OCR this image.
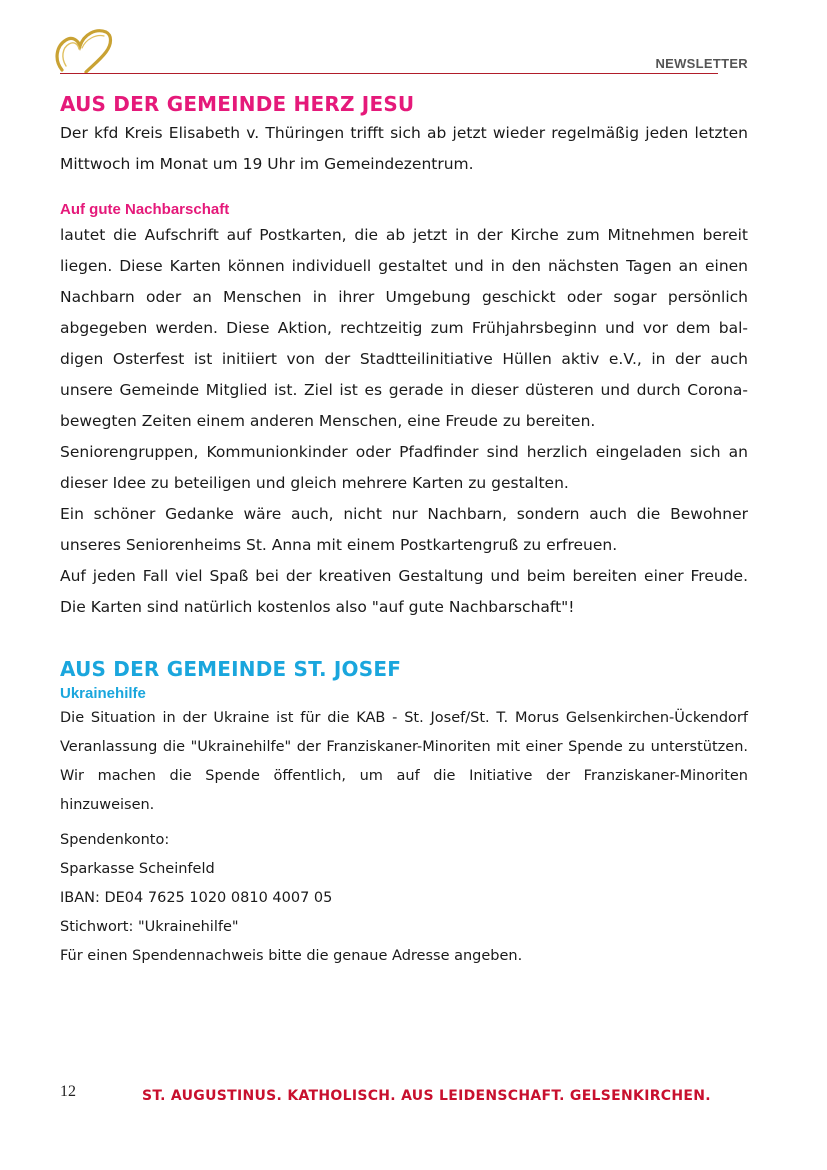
NEWSLETTER
AUS DER GEMEINDE HERZ JESU

Der kfd Kreis Elisabeth v. Thüringen trifft sich ab jetzt wieder regelmäßig jeden letzten Mittwoch im Monat um 19 Uhr im Gemeindezentrum.

Auf gute Nachbarschaft

lautet die Aufschrift auf Postkarten, die ab jetzt in der Kirche zum Mitnehmen bereit liegen. Diese Karten können individuell gestaltet und in den nächsten Tagen an einen Nachbarn oder an Menschen in ihrer Umgebung geschickt oder sogar persönlich abgegeben werden. Diese Aktion, rechtzeitig zum Frühjahrsbeginn und vor dem baldigen Osterfest ist initiiert von der Stadtteilinitiative Hüllen aktiv e.V., in der auch unsere Gemeinde Mitglied ist. Ziel ist es gerade in dieser düsteren und durch Corona-bewegten Zeiten einem anderen Menschen, eine Freude zu bereiten.

Seniorengruppen, Kommunionkinder oder Pfadfinder sind herzlich eingeladen sich an dieser Idee zu beteiligen und gleich mehrere Karten zu gestalten.

Ein schöner Gedanke wäre auch, nicht nur Nachbarn, sondern auch die Bewohner unseres Seniorenheims St. Anna mit einem Postkartengruß zu erfreuen.

Auf jeden Fall viel Spaß bei der kreativen Gestaltung und beim bereiten einer Freude. Die Karten sind natürlich kostenlos also "auf gute Nachbarschaft"!

AUS DER GEMEINDE ST. JOSEF

Ukrainehilfe

Die Situation in der Ukraine ist für die KAB - St. Josef/St. T. Morus Gelsenkirchen-Ückendorf Veranlassung die "Ukrainehilfe" der Franziskaner-Minoriten mit einer Spende zu unterstützen. Wir machen die Spende öffentlich, um auf die Initiative der Franziskaner-Minoriten hinzuweisen.

Spendenkonto:
Sparkasse Scheinfeld
IBAN: DE04 7625 1020 0810 4007 05
Stichwort: "Ukrainehilfe"
Für einen Spendennachweis bitte die genaue Adresse angeben.
12	ST. AUGUSTINUS. KATHOLISCH. AUS LEIDENSCHAFT. GELSENKIRCHEN.
